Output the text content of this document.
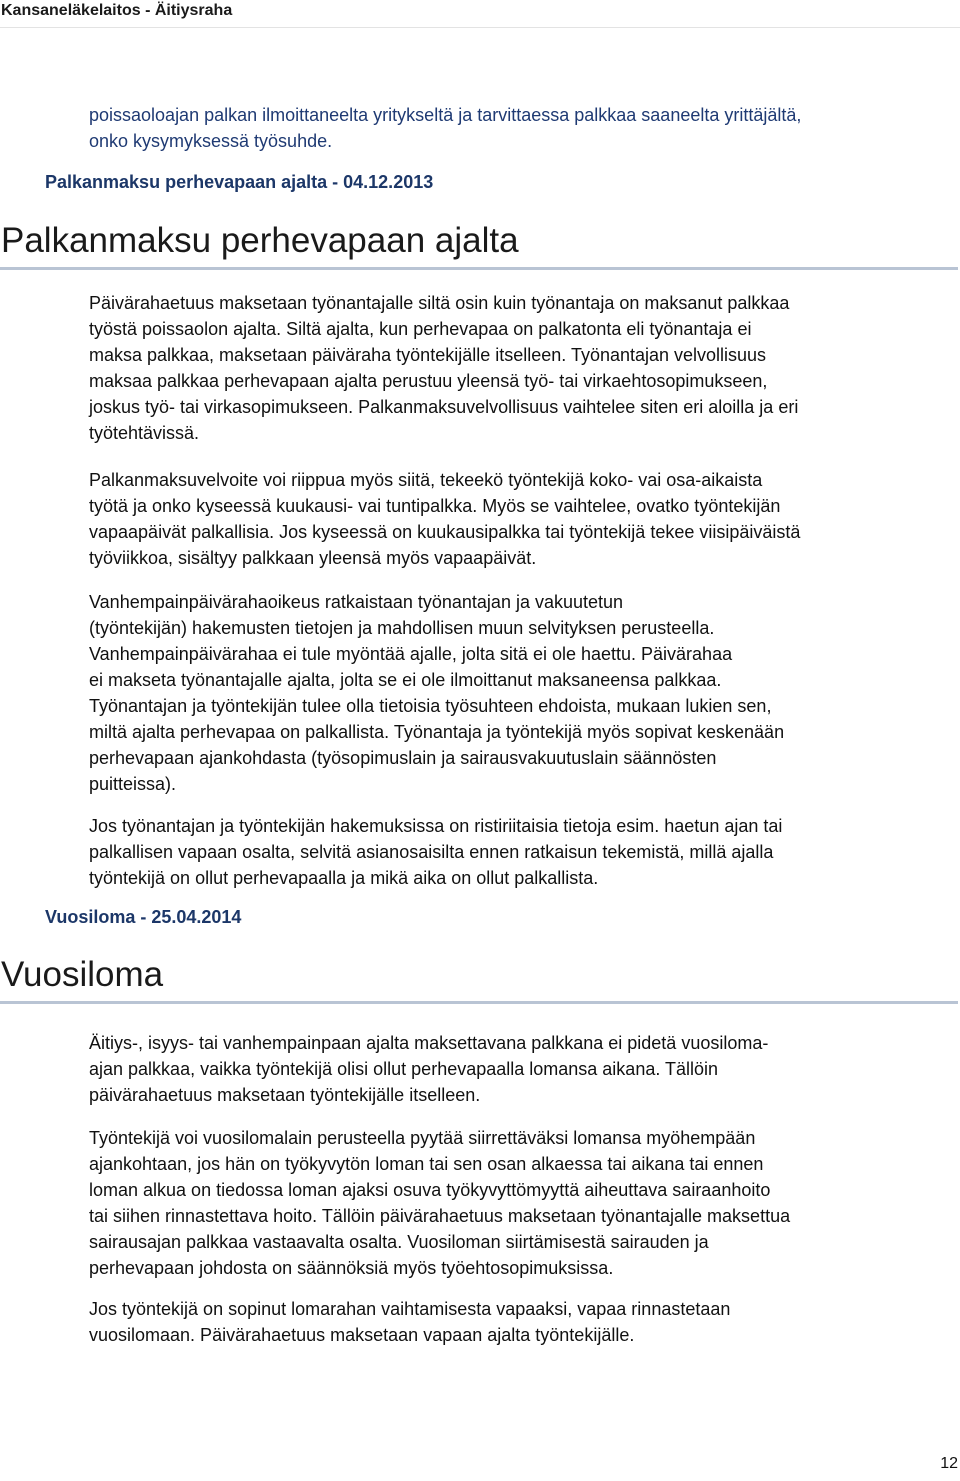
Kansaneläkelaitos - Äitiysraha

poissaoloajan palkan ilmoittaneelta yritykseltä ja tarvittaessa palkkaa saaneelta yrittäjältä,

onko kysymyksessä työsuhde.

Palkanmaksu perhevapaan ajalta - 04.12.2013
Palkanmaksu perhevapaan ajalta

Päivärahaetuus maksetaan työnantajalle siltä osin kuin työnantaja on maksanut palkkaa

työstä poissaolon ajalta. Siltä ajalta, kun perhevapaa on palkatonta eli työnantaja ei

maksa palkkaa, maksetaan päiväraha työntekijälle itselleen. Työnantajan velvollisuus

maksaa palkkaa perhevapaan ajalta perustuu yleensä työ- tai virkaehtosopimukseen,

joskus työ- tai virkasopimukseen. Palkanmaksuvelvollisuus vaihtelee siten eri aloilla ja eri

työtehtävissä.

Palkanmaksuvelvoite voi riippua myös siitä, tekeekö työntekijä koko- vai osa-aikaista

työtä ja onko kyseessä kuukausi- vai tuntipalkka. Myös se vaihtelee, ovatko työntekijän

vapaapäivät palkallisia. Jos kyseessä on kuukausipalkka tai työntekijä tekee viisipäiväistä

työviikkoa, sisältyy palkkaan yleensä myös vapaapäivät.

Vanhempainpäivärahaoikeus ratkaistaan työnantajan ja vakuutetun

(työntekijän) hakemusten tietojen ja mahdollisen muun selvityksen perusteella.

Vanhempainpäivärahaa ei tule myöntää ajalle, jolta sitä ei ole haettu. Päivärahaa

ei makseta työnantajalle ajalta, jolta se ei ole ilmoittanut maksaneensa palkkaa.

Työnantajan ja työntekijän tulee olla tietoisia työsuhteen ehdoista, mukaan lukien sen,

miltä ajalta perhevapaa on palkallista. Työnantaja ja työntekijä myös sopivat keskenään

perhevapaan ajankohdasta (työsopimuslain ja sairausvakuutuslain säännösten

puitteissa).

Jos työnantajan ja työntekijän hakemuksissa on ristiriitaisia tietoja esim. haetun ajan tai

palkallisen vapaan osalta, selvitä asianosaisilta ennen ratkaisun tekemistä, millä ajalla

työntekijä on ollut perhevapaalla ja mikä aika on ollut palkallista.

Vuosiloma - 25.04.2014
Vuosiloma

Äitiys-, isyys- tai vanhempainpaan ajalta maksettavana palkkana ei pidetä vuosiloma-

ajan palkkaa, vaikka työntekijä olisi ollut perhevapaalla lomansa aikana. Tällöin

päivärahaetuus maksetaan työntekijälle itselleen.

Työntekijä voi vuosilomalain perusteella pyytää siirrettäväksi lomansa myöhempään

ajankohtaan, jos hän on työkyvytön loman tai sen osan alkaessa tai aikana tai ennen

loman alkua on tiedossa loman ajaksi osuva työkyvyttömyyttä aiheuttava sairaanhoito

tai siihen rinnastettava hoito. Tällöin päivärahaetuus maksetaan työnantajalle maksettua

sairausajan palkkaa vastaavalta osalta. Vuosiloman siirtämisestä sairauden ja

perhevapaan johdosta on säännöksiä myös työehtosopimuksissa.

Jos työntekijä on sopinut lomarahan vaihtamisesta vapaaksi, vapaa rinnastetaan

vuosilomaan. Päivärahaetuus maksetaan vapaan ajalta työntekijälle.

12
